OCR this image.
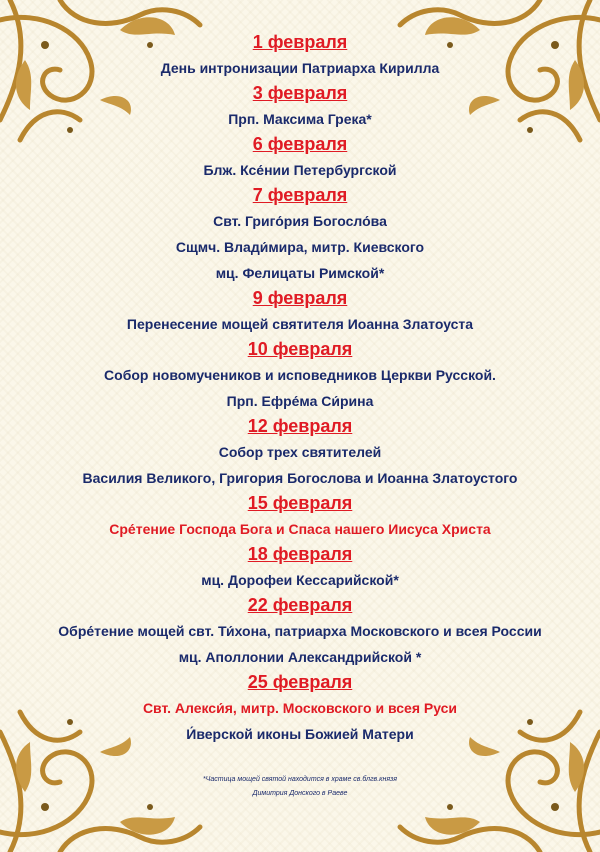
1 февраля
День интронизации Патриарха Кирилла
3 февраля
Прп. Максима Грека*
6 февраля
Блж. Ксе́нии Петербургской
7 февраля
Свт. Григо́рия Богосло́ва
Сщмч. Влади́мира, митр. Киевского
мц. Фелицаты Римской*
9 февраля
Перенесение мощей святителя Иоанна Златоуста
10 февраля
Собор новомучеников и исповедников Церкви Русской.
Прп. Ефре́ма Си́рина
12 февраля
Собор трех святителей
Василия Великого, Григория Богослова и Иоанна Златоустого
15 февраля
Сре́тение Господа Бога и Спаса нашего Иисуса Христа
18 февраля
мц. Дорофеи Кессарийской*
22 февраля
Обре́тение мощей свт. Ти́хона, патриарха Московского и всея России
мц. Аполлонии Александрийской *
25 февраля
Свт. Алекси́я, митр. Московского и всея Руси
И́верской иконы Божией Матери
*Частица мощей святой находится в храме св.блгв.князя
Димитрия Донского в Раеве
